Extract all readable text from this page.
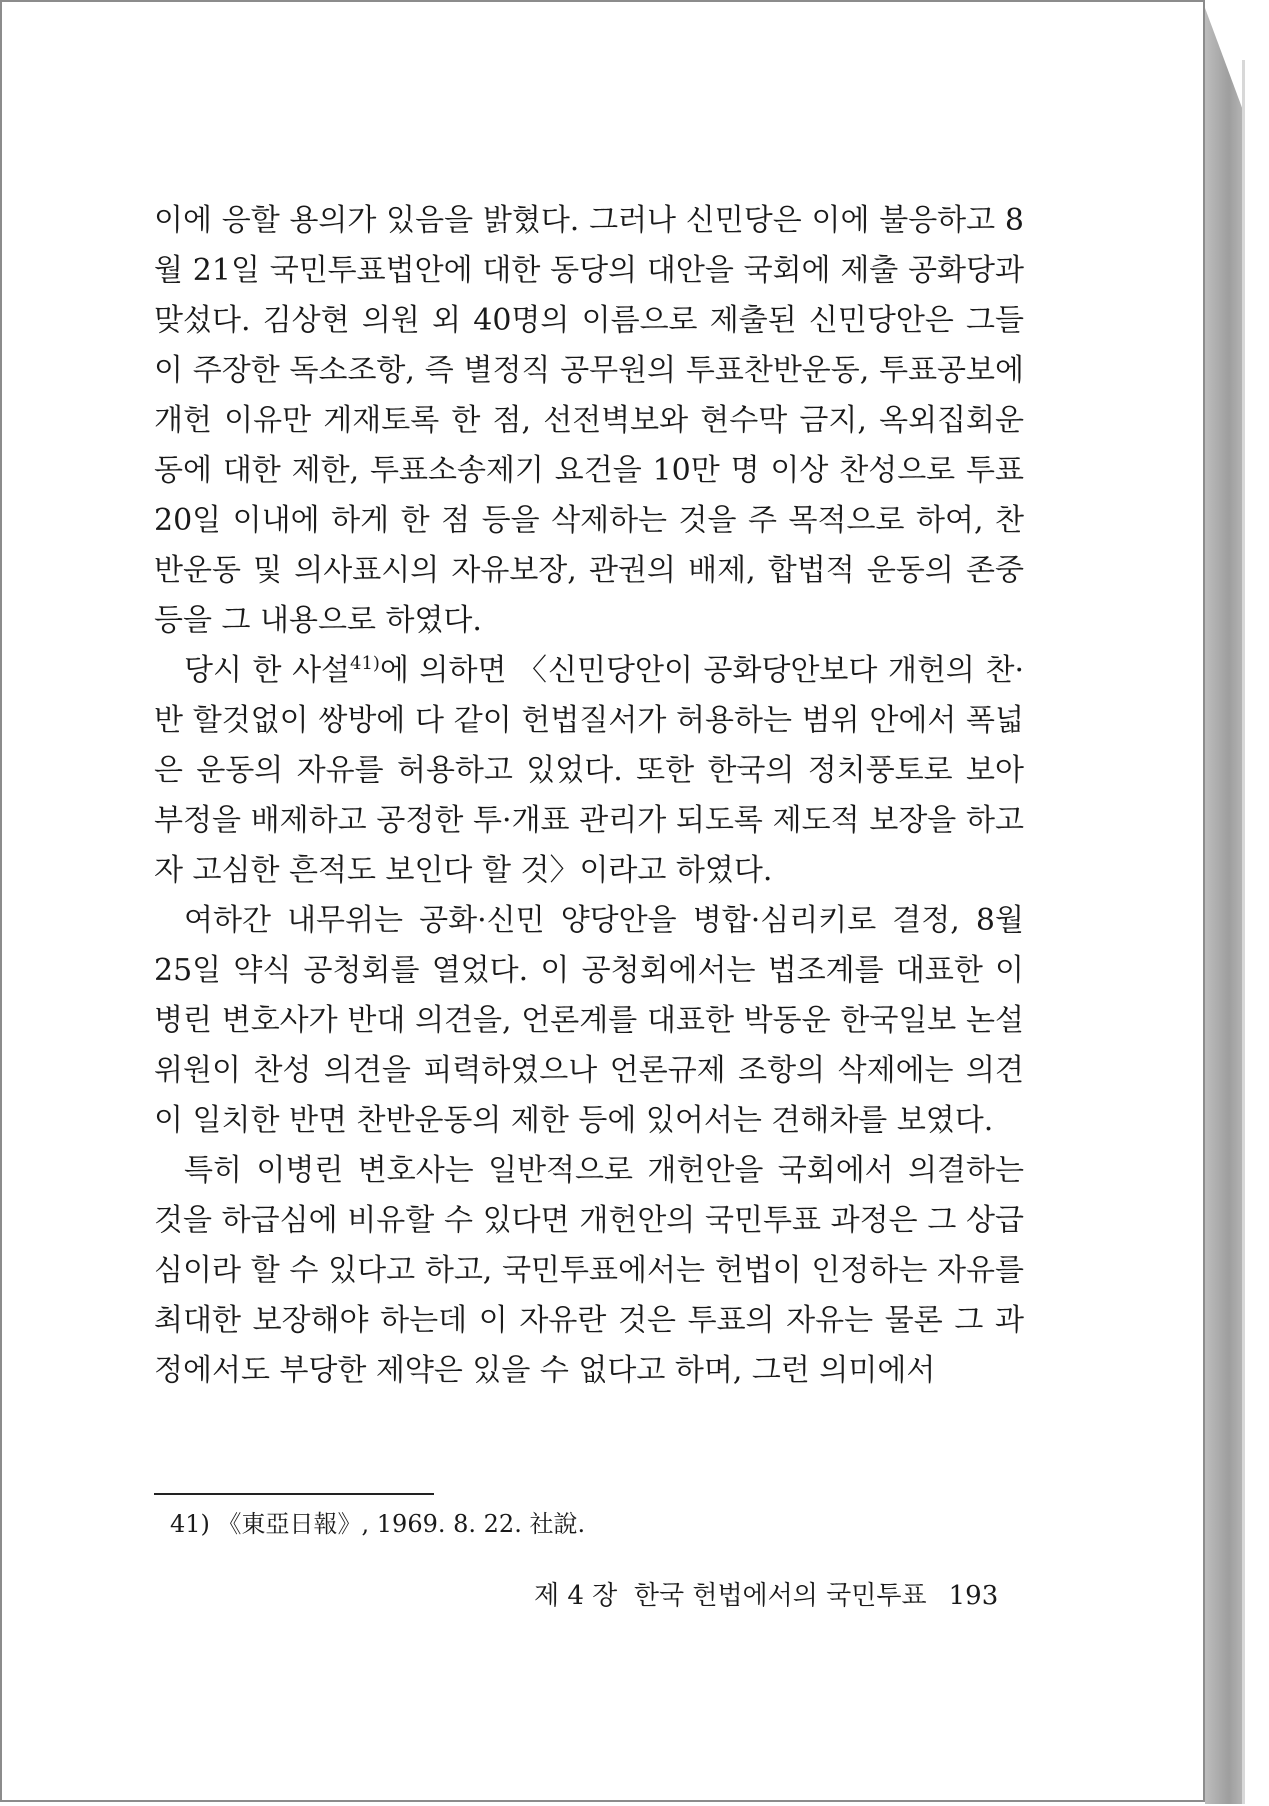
이에 응할 용의가 있음을 밝혔다. 그러나 신민당은 이에 불응하고 8월 21일 국민투표법안에 대한 동당의 대안을 국회에 제출 공화당과 맞섰다. 김상현 의원 외 40명의 이름으로 제출된 신민당안은 그들이 주장한 독소조항, 즉 별정직 공무원의 투표찬반운동, 투표공보에 개헌 이유만 게재토록 한 점, 선전벽보와 현수막 금지, 옥외집회운동에 대한 제한, 투표소송제기 요건을 10만 명 이상 찬성으로 투표 20일 이내에 하게 한 점 등을 삭제하는 것을 주 목적으로 하여, 찬반운동 및 의사표시의 자유보장, 관권의 배제, 합법적 운동의 존중 등을 그 내용으로 하였다.

당시 한 사설$^{41)}$에 의하면 〈신민당안이 공화당안보다 개헌의 찬·반 할것없이 쌍방에 다 같이 헌법질서가 허용하는 범위 안에서 폭넓은 운동의 자유를 허용하고 있었다. 또한 한국의 정치풍토로 보아 부정을 배제하고 공정한 투·개표 관리가 되도록 제도적 보장을 하고자 고심한 흔적도 보인다 할 것〉이라고 하였다.

여하간 내무위는 공화·신민 양당안을 병합·심리키로 결정, 8월 25일 약식 공청회를 열었다. 이 공청회에서는 법조계를 대표한 이병린 변호사가 반대 의견을, 언론계를 대표한 박동운 한국일보 논설위원이 찬성 의견을 피력하였으나 언론규제 조항의 삭제에는 의견이 일치한 반면 찬반운동의 제한 등에 있어서는 견해차를 보였다.

특히 이병린 변호사는 일반적으로 개헌안을 국회에서 의결하는 것을 하급심에 비유할 수 있다면 개헌안의 국민투표 과정은 그 상급심이라 할 수 있다고 하고, 국민투표에서는 헌법이 인정하는 자유를 최대한 보장해야 하는데 이 자유란 것은 투표의 자유는 물론 그 과정에서도 부당한 제약은 있을 수 없다고 하며, 그런 의미에서

41) 《東亞日報》, 1969. 8. 22. 社說.
제 4 장  한국 헌법에서의 국민투표 193
